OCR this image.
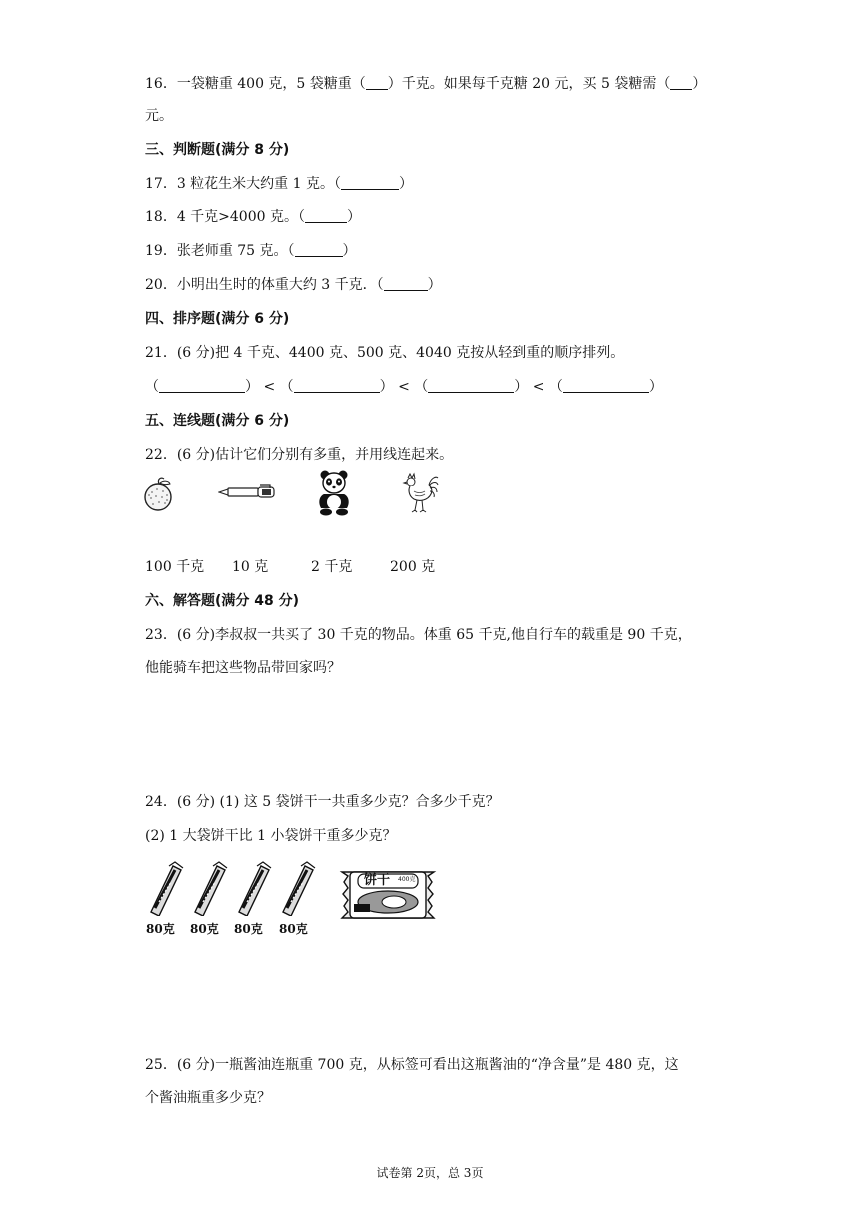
16．一袋糖重 400 克，5 袋糖重（ ）千克。如果每千克糖 20 元，买 5 袋糖需（ ）
元。
三、判断题(满分 8 分)
17．3 粒花生米大约重 1 克。（	）
18．4 千克>4000 克。（	）
19．张老师重 75 克。（	）
20．小明出生时的体重大约 3 千克．（	）
四、排序题(满分 6 分)
21．(6 分)把 4 千克、4400 克、500 克、4040 克按从轻到重的顺序排列。
（	） < （	） < （	） < （	）
五、连线题(满分 6 分)
22．(6 分)估计它们分别有多重，并用线连起来。
100 千克 10 克	2 千克	200 克
六、解答题(满分 48 分)
23．(6 分)李叔叔一共买了 30 千克的物品。体重 65 千克,他自行车的载重是 90 千克，
他能骑车把这些物品带回家吗？
24．(6 分) (1) 这 5 袋饼干一共重多少克？合多少千克？
(2) 1 大袋饼干比 1 小袋饼干重多少克？
80克 80克 80克 80克
饼干 400克
25．(6 分)一瓶酱油连瓶重 700 克，从标签可看出这瓶酱油的“净含量”是 480 克，这
个酱油瓶重多少克？
试卷第 2页，总 3页
